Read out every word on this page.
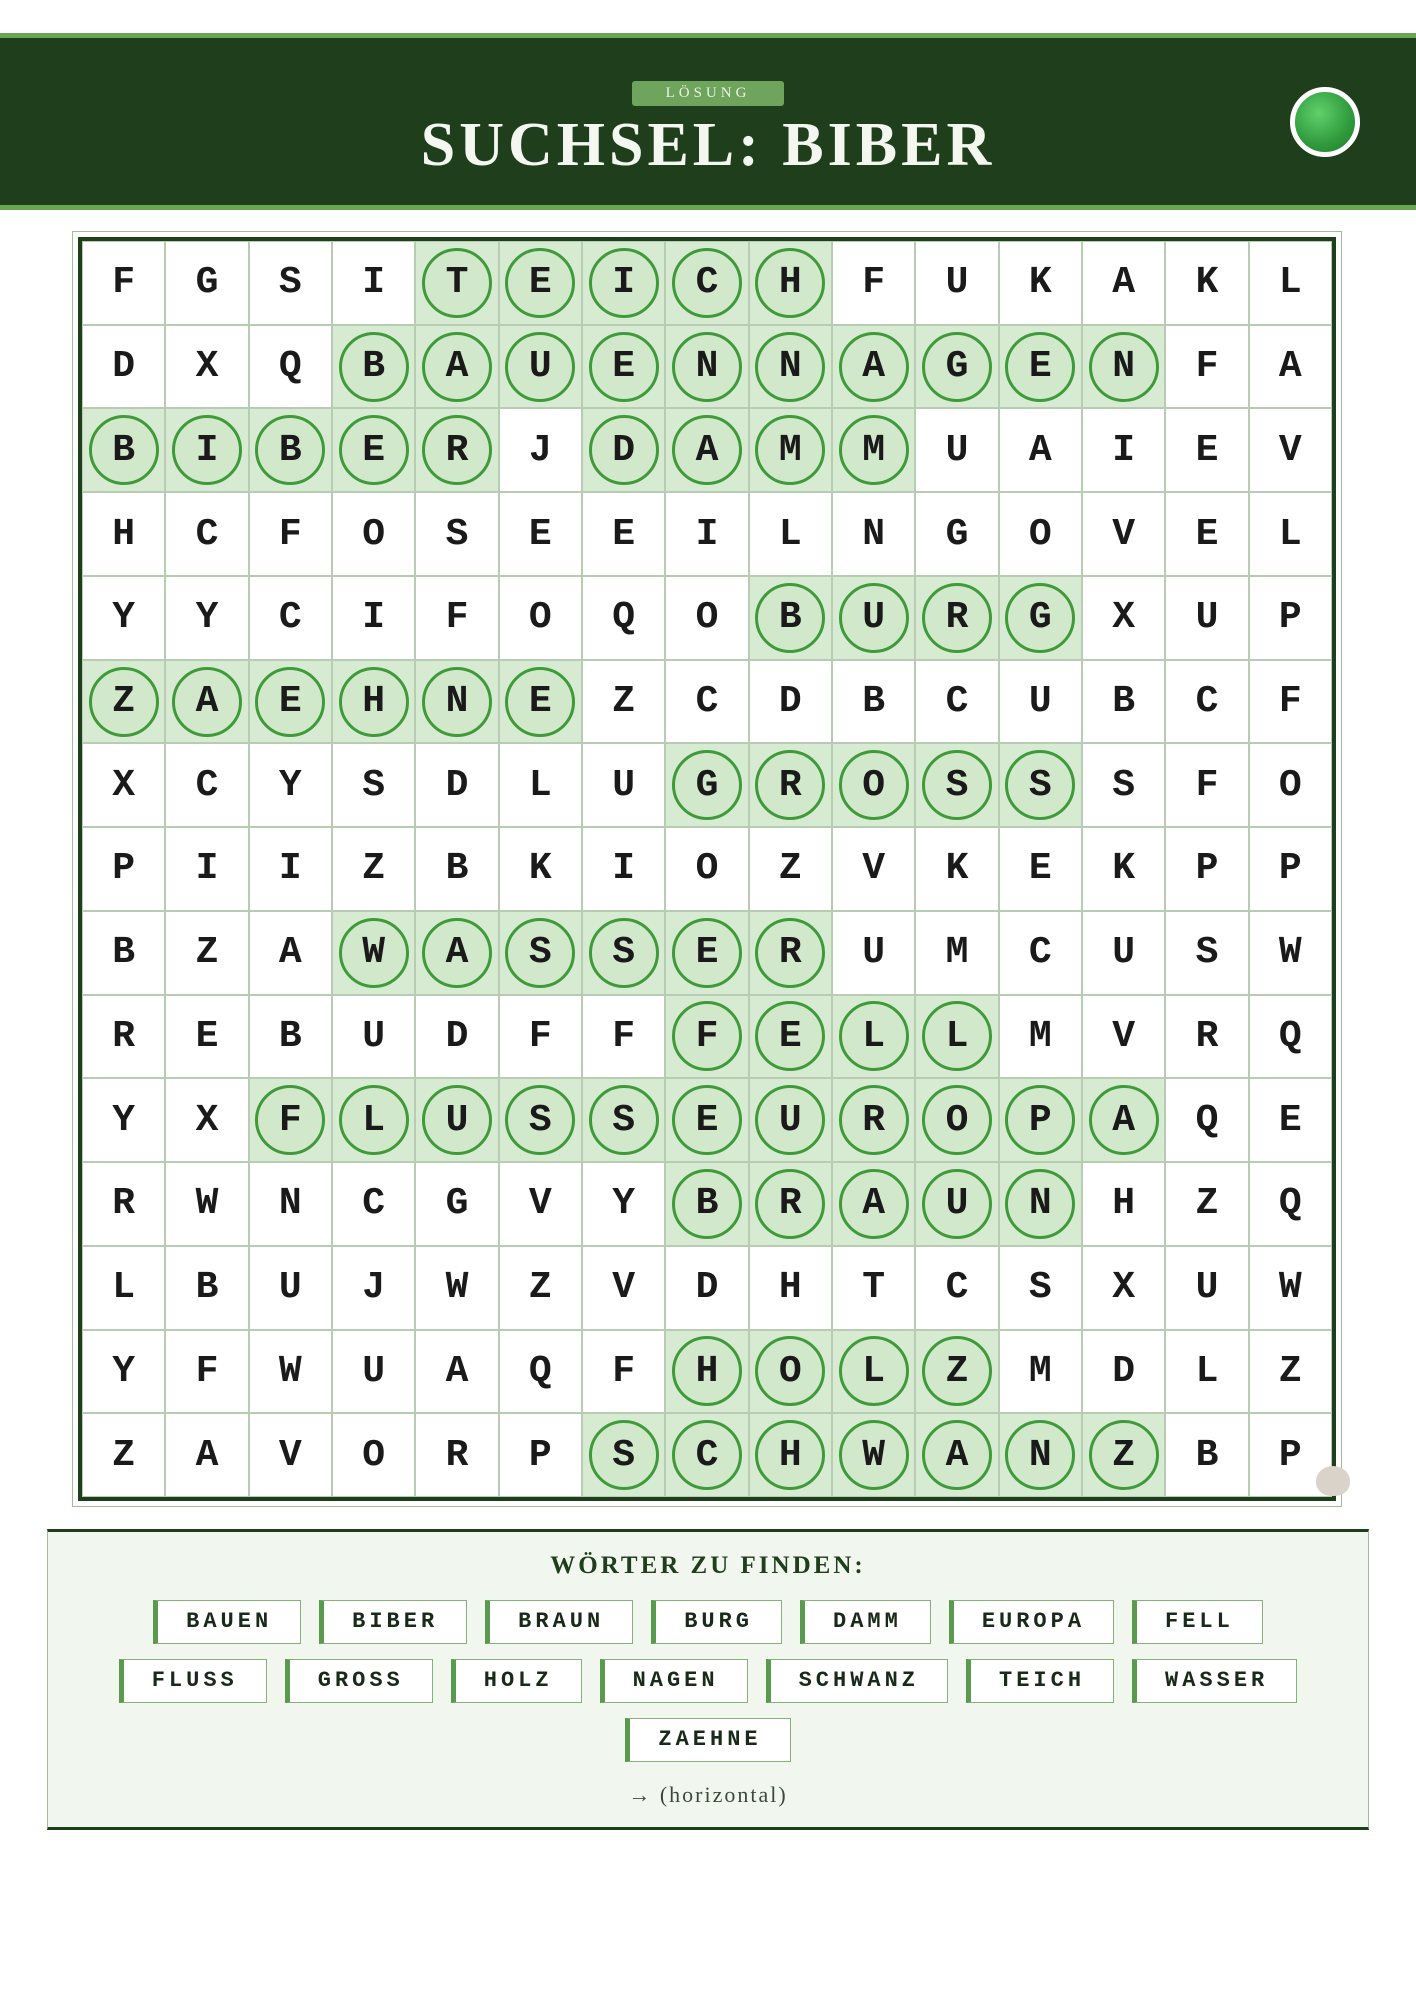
LÖSUNG
SUCHSEL: BIBER
F G S I T E I C H F U K A K L
D X Q B A U E N N A G E N F A
B I B E R J D A M M U A I E V
H C F O S E E I L N G O V E L
Y Y C I F O Q O B U R G X U P
Z A E H N E Z C D B C U B C F
X C Y S D L U G R O S S S F O
P I I Z B K I O Z V K E K P P
B Z A W A S S E R U M C U S W
R E B U D F F F E L L M V R Q
Y X F L U S S E U R O P A Q E
R W N C G V Y B R A U N H Z Q
L B U J W Z V D H T C S X U W
Y F W U A Q F H O L Z M D L Z
Z A V O R P S C H W A N Z B P
WÖRTER ZU FINDEN:
BAUEN	BIBER	BRAUN	BURG	DAMM	EUROPA	FELL
FLUSS	GROSS	HOLZ	NAGEN	SCHWANZ	TEICH	WASSER
ZAEHNE
→ (horizontal)
